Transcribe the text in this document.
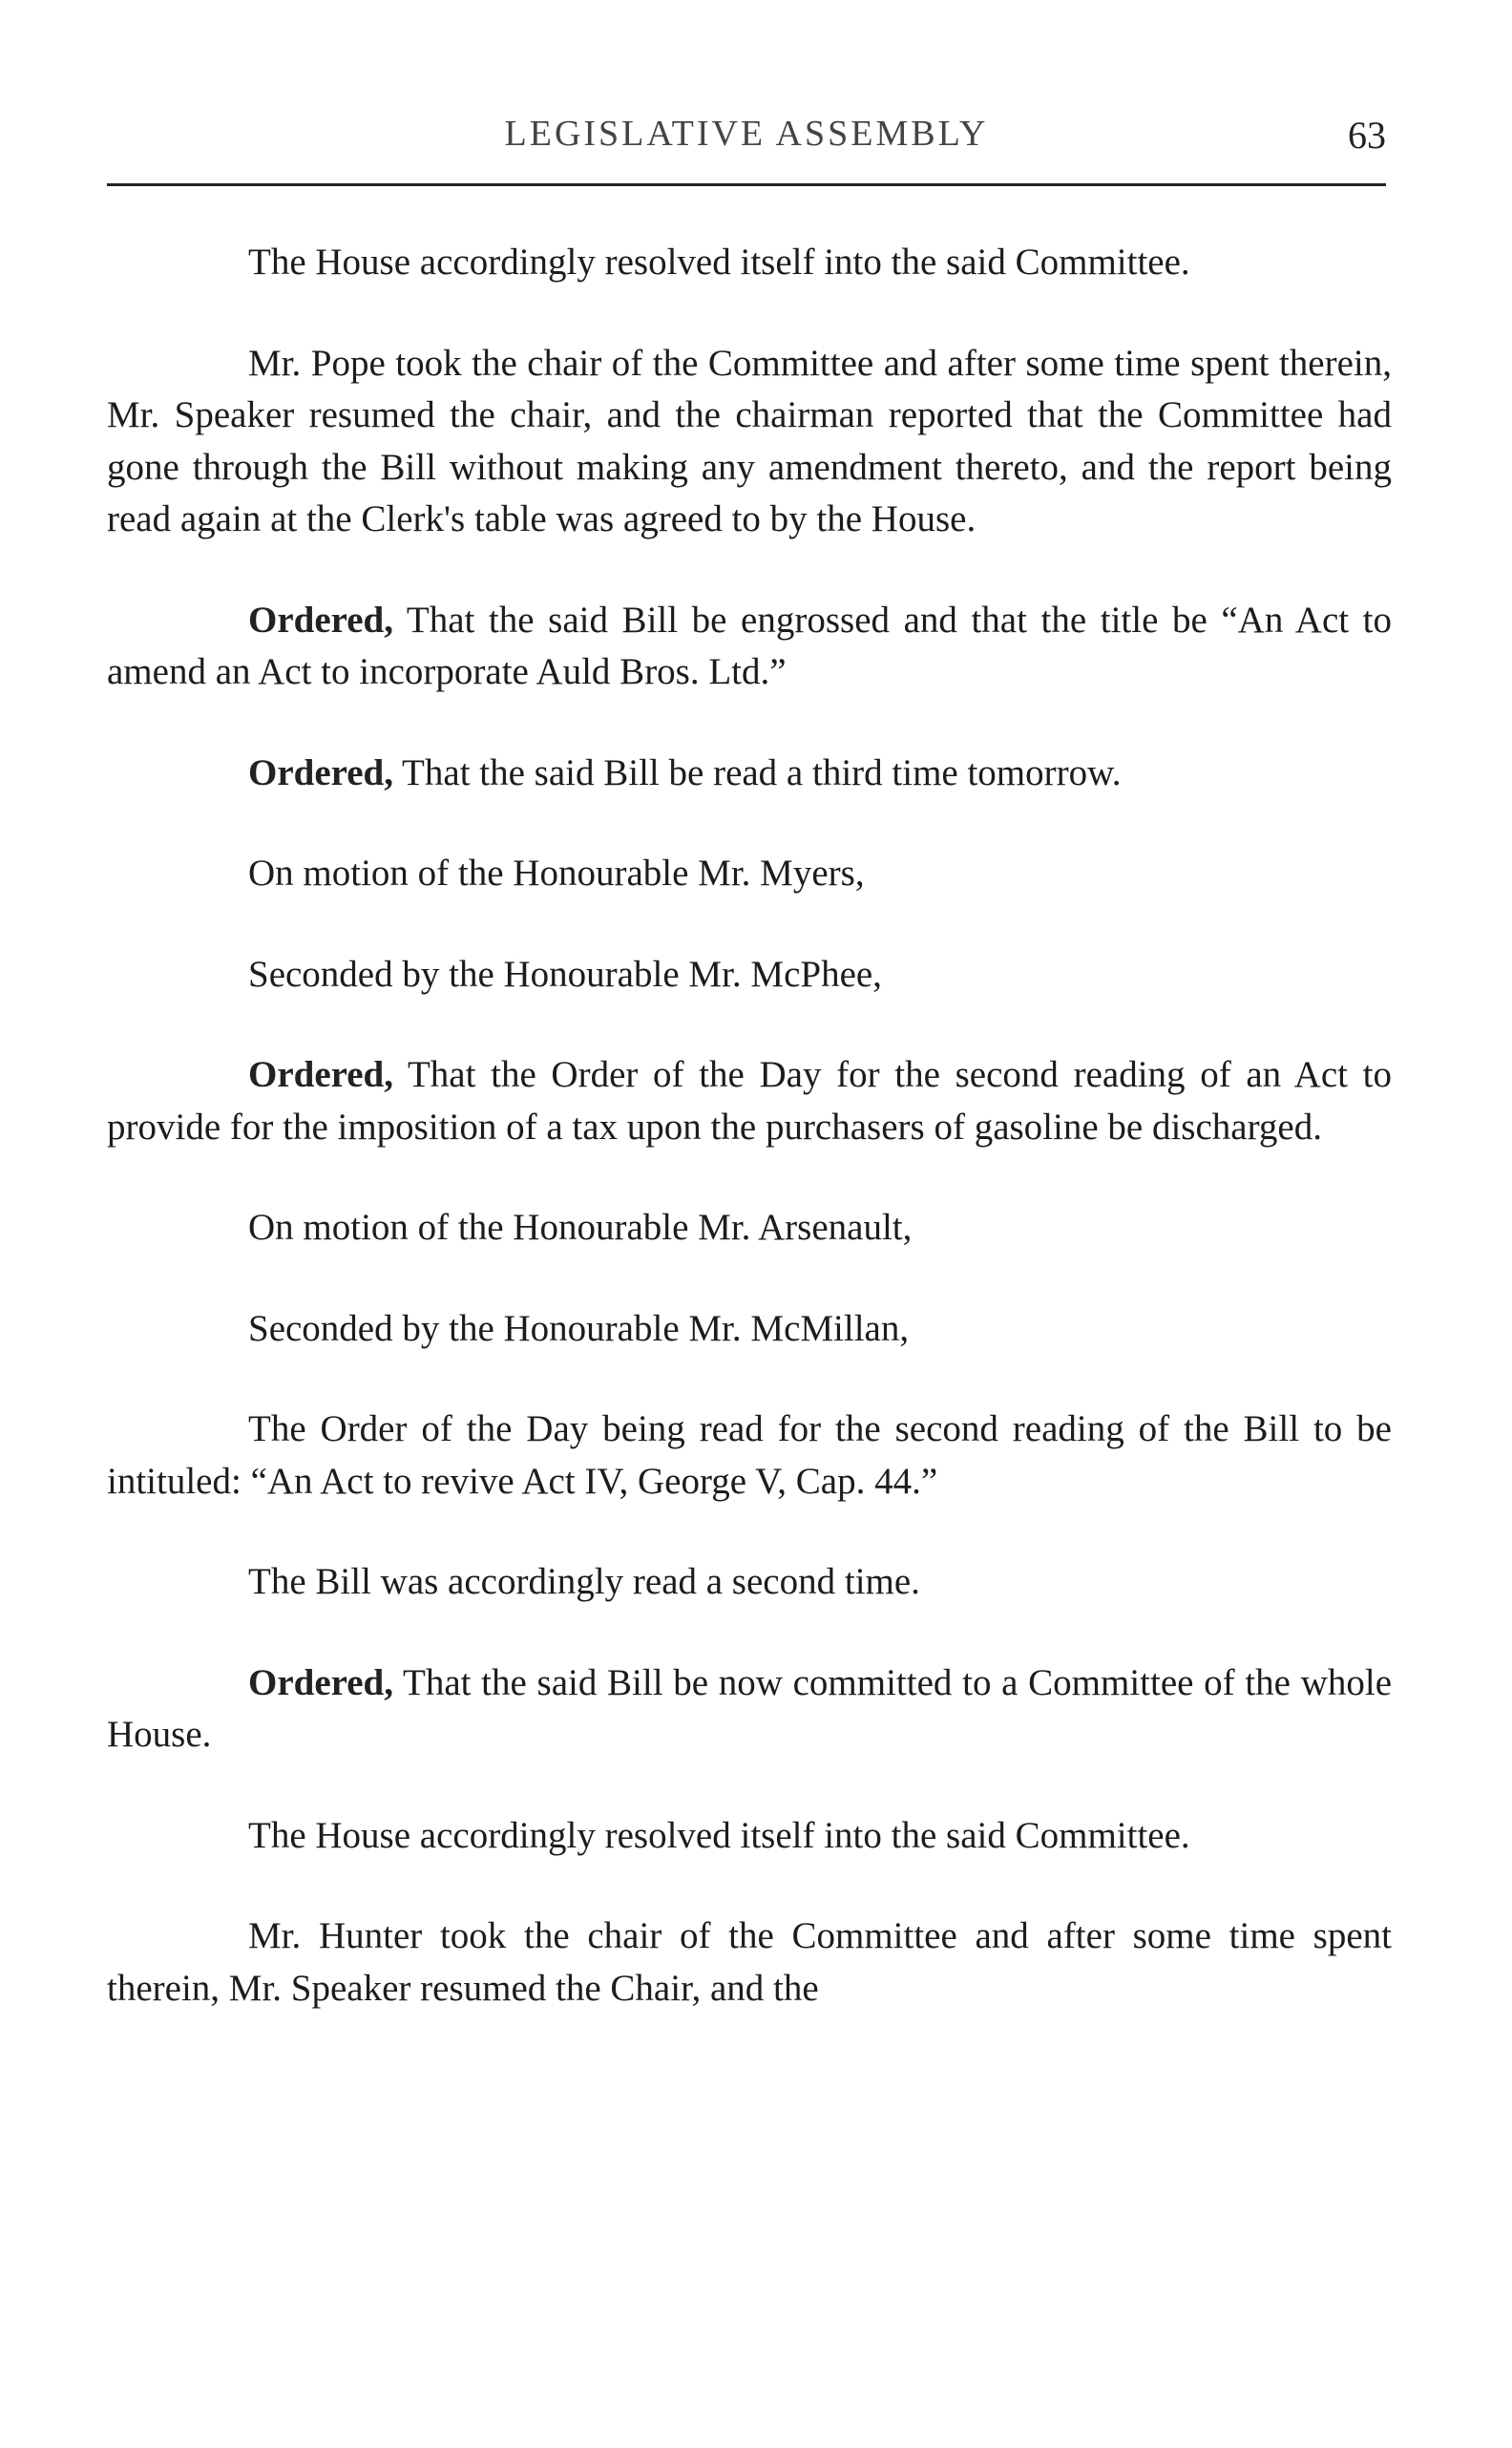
LEGISLATIVE ASSEMBLY	63

The House accordingly resolved itself into the said Committee.

Mr. Pope took the chair of the Committee and after some time spent therein, Mr. Speaker resumed the chair, and the chairman reported that the Committee had gone through the Bill without making any amendment thereto, and the report being read again at the Clerk's table was agreed to by the House.

Ordered, That the said Bill be engrossed and that the title be “An Act to amend an Act to incorporate Auld Bros. Ltd.”

Ordered, That the said Bill be read a third time tomorrow.

On motion of the Honourable Mr. Myers,

Seconded by the Honourable Mr. McPhee,

Ordered, That the Order of the Day for the second reading of an Act to provide for the imposition of a tax upon the purchasers of gasoline be discharged.

On motion of the Honourable Mr. Arsenault,

Seconded by the Honourable Mr. McMillan,

The Order of the Day being read for the second reading of the Bill to be intituled: “An Act to revive Act IV, George V, Cap. 44.”

The Bill was accordingly read a second time.

Ordered, That the said Bill be now committed to a Committee of the whole House.

The House accordingly resolved itself into the said Committee.

Mr. Hunter took the chair of the Committee and after some time spent therein, Mr. Speaker resumed the Chair, and the
